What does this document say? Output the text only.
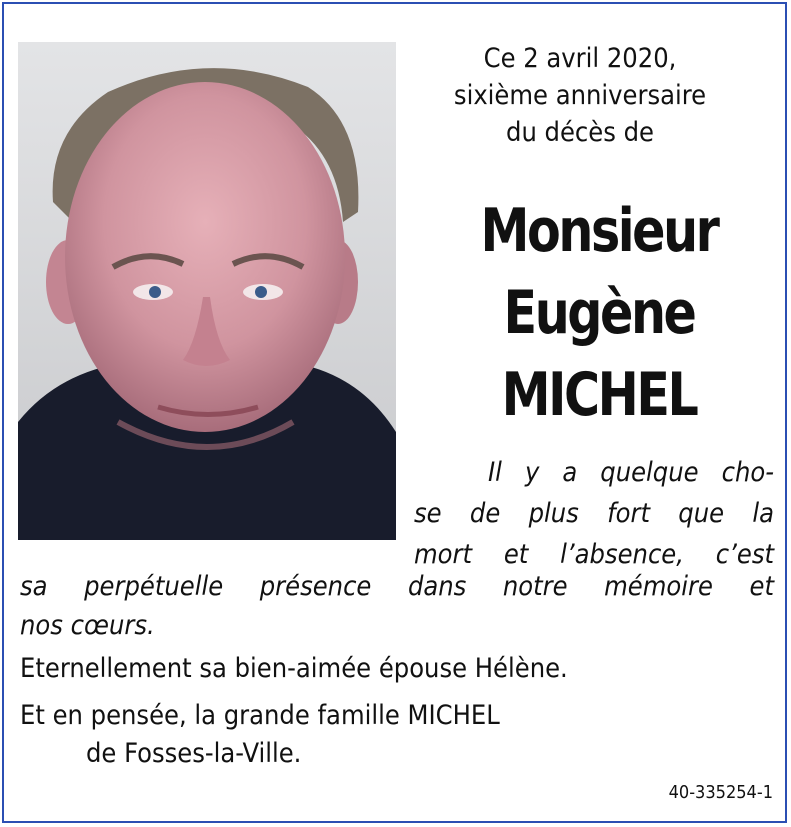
Ce 2 avril 2020,
sixième anniversaire
du décès de
Monsieur
Eugène
MICHEL
Il y a quelque cho-
se de plus fort que la
mort et l’absence, c’est
sa perpétuelle présence dans notre mémoire et
nos cœurs.
Eternellement sa bien-aimée épouse Hélène.
Et en pensée, la grande famille MICHEL
de Fosses-la-Ville.
40-335254-1
